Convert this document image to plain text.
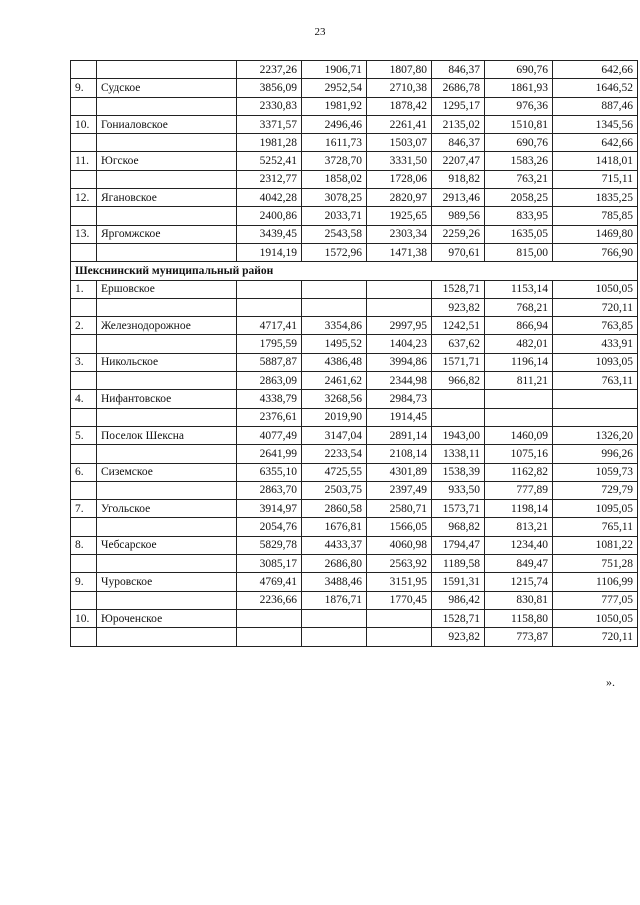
23
		2237,26	1906,71	1807,80	846,37	690,76	642,66
9.	Судское	3856,09	2952,54	2710,38	2686,78	1861,93	1646,52
		2330,83	1981,92	1878,42	1295,17	976,36	887,46
10.	Гониаловское	3371,57	2496,46	2261,41	2135,02	1510,81	1345,56
		1981,28	1611,73	1503,07	846,37	690,76	642,66
11.	Югское	5252,41	3728,70	3331,50	2207,47	1583,26	1418,01
		2312,77	1858,02	1728,06	918,82	763,21	715,11
12.	Ягановское	4042,28	3078,25	2820,97	2913,46	2058,25	1835,25
		2400,86	2033,71	1925,65	989,56	833,95	785,85
13.	Яргомжское	3439,45	2543,58	2303,34	2259,26	1635,05	1469,80
		1914,19	1572,96	1471,38	970,61	815,00	766,90
Шекснинский муниципальный район							
1.	Ершовское				1528,71	1153,14	1050,05
					923,82	768,21	720,11
2.	Железнодорожное	4717,41	3354,86	2997,95	1242,51	866,94	763,85
		1795,59	1495,52	1404,23	637,62	482,01	433,91
3.	Никольское	5887,87	4386,48	3994,86	1571,71	1196,14	1093,05
		2863,09	2461,62	2344,98	966,82	811,21	763,11
4.	Нифантовское	4338,79	3268,56	2984,73			
		2376,61	2019,90	1914,45			
5.	Поселок Шексна	4077,49	3147,04	2891,14	1943,00	1460,09	1326,20
		2641,99	2233,54	2108,14	1338,11	1075,16	996,26
6.	Сиземское	6355,10	4725,55	4301,89	1538,39	1162,82	1059,73
		2863,70	2503,75	2397,49	933,50	777,89	729,79
7.	Угольское	3914,97	2860,58	2580,71	1573,71	1198,14	1095,05
		2054,76	1676,81	1566,05	968,82	813,21	765,11
8.	Чебсарское	5829,78	4433,37	4060,98	1794,47	1234,40	1081,22
		3085,17	2686,80	2563,92	1189,58	849,47	751,28
9.	Чуровское	4769,41	3488,46	3151,95	1591,31	1215,74	1106,99
		2236,66	1876,71	1770,45	986,42	830,81	777,05
10.	Юроченское				1528,71	1158,80	1050,05
					923,82	773,87	720,11
».
